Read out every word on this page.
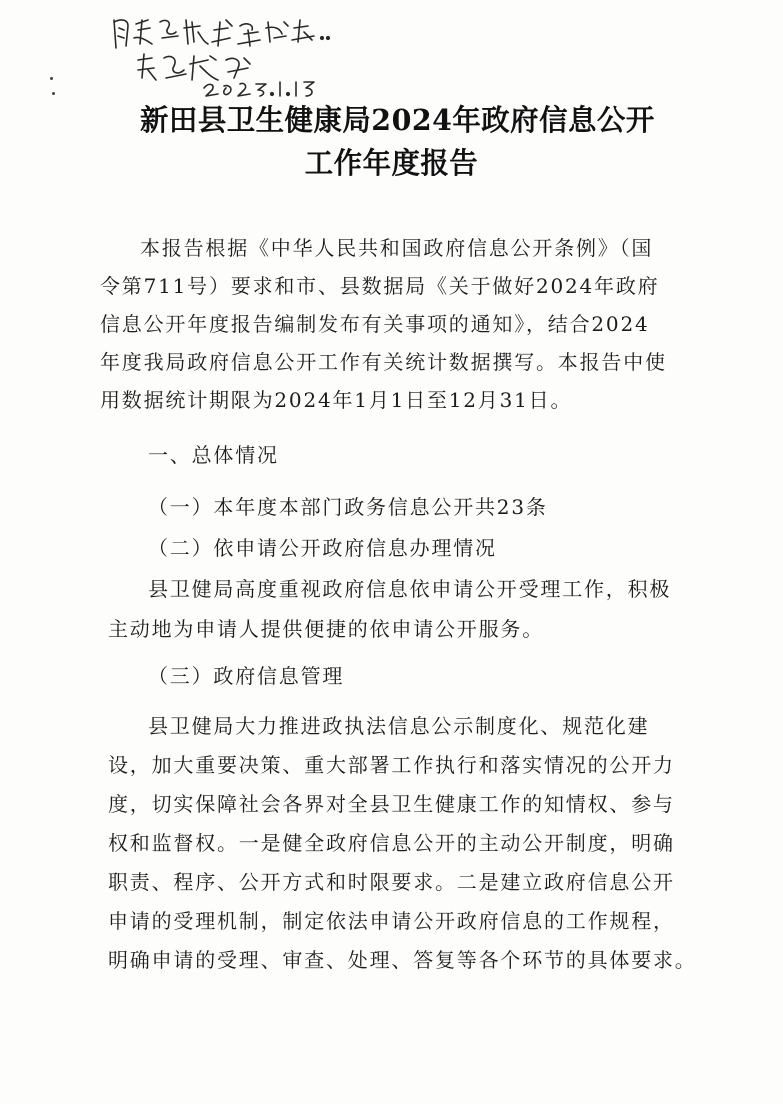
新田县卫生健康局2024年政府信息公开
工作年度报告
本报告根据《中华人民共和国政府信息公开条例》（国
令第711号）要求和市、县数据局《关于做好2024年政府
信息公开年度报告编制发布有关事项的通知》，结合2024
年度我局政府信息公开工作有关统计数据撰写。本报告中使
用数据统计期限为2024年1月1日至12月31日。
一、总体情况
（一）本年度本部门政务信息公开共23条
（二）依申请公开政府信息办理情况
县卫健局高度重视政府信息依申请公开受理工作，积极
主动地为申请人提供便捷的依申请公开服务。
（三）政府信息管理
县卫健局大力推进政执法信息公示制度化、规范化建
设，加大重要决策、重大部署工作执行和落实情况的公开力
度，切实保障社会各界对全县卫生健康工作的知情权、参与
权和监督权。一是健全政府信息公开的主动公开制度，明确
职责、程序、公开方式和时限要求。二是建立政府信息公开
申请的受理机制，制定依法申请公开政府信息的工作规程，
明确申请的受理、审查、处理、答复等各个环节的具体要求。
